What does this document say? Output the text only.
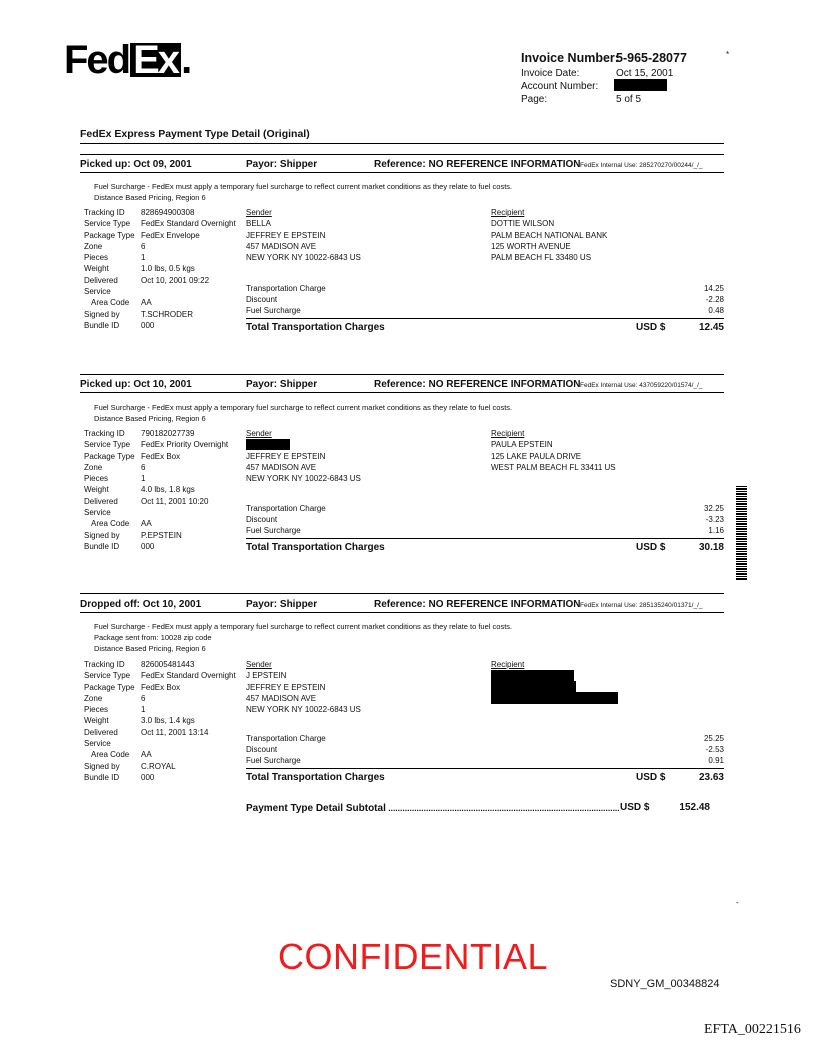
Fed Ex.	Invoice Number:
5-965-28077	*
Invoice Date:	Oct 15, 2001
Account Number:
Page:	5 of 5
FedEx Express Payment Type Detail (Original)
Picked up: Oct 09, 2001	Payor: Shipper	Reference: NO REFERENCE INFORMATION FedEx Internal Use: 285270270/00244/_/_
Fuel Surcharge - FedEx must apply a temporary fuel surcharge to reflect current market conditions as they relate to fuel costs.
Distance Based Pricing, Region 6
Tracking ID 828694900308
Service Type FedEx Standard Overnight
Package Type FedEx Envelope
Zone	6
Pieces	1
Weight	1.0 lbs, 0.5 kgs
Delivered	Oct 10, 2001 09:22
Service
Area Code AA
Signed by	T.SCHRODER
Bundle ID	000
Sender
BELLA
JEFFREY E EPSTEIN
457 MADISON AVE
NEW YORK NY 10022-6843 US
Recipient
DOTTIE WILSON
PALM BEACH NATIONAL BANK
125 WORTH AVENUE
PALM BEACH FL 33480 US
Transportation Charge	14.25
Discount	-2.28
Fuel Surcharge	0.48
Total Transportation Charges	USD $	12.45
Picked up: Oct 10, 2001	Payor: Shipper	Reference: NO REFERENCE INFORMATION FedEx Internal Use: 437059220/01574/_/_
Fuel Surcharge - FedEx must apply a temporary fuel surcharge to reflect current market conditions as they relate to fuel costs.
Distance Based Pricing, Region 6
Tracking ID 790182027739
Service Type FedEx Priority Overnight
Package Type FedEx Box
Zone	6
Pieces	1
Weight	4.0 lbs, 1.8 kgs
Delivered	Oct 11, 2001 10:20
Service
Area Code AA
Signed by	P.EPSTEIN
Bundle ID	000
Sender
JEFFREY E EPSTEIN
457 MADISON AVE
NEW YORK NY 10022-6843 US
Recipient
PAULA EPSTEIN
125 LAKE PAULA DRIVE
WEST PALM BEACH FL 33411 US
Transportation Charge	32.25
Discount	-3.23
Fuel Surcharge	1.16
Total Transportation Charges	USD $	30.18
Dropped off: Oct 10, 2001	Payor: Shipper	Reference: NO REFERENCE INFORMATION FedEx Internal Use: 285135240/01371/_/_
Fuel Surcharge - FedEx must apply a temporary fuel surcharge to reflect current market conditions as they relate to fuel costs.
Package sent from: 10028 zip code
Distance Based Pricing, Region 6
Tracking ID 826005481443
Service Type FedEx Standard Overnight
Package Type FedEx Box
Zone	6
Pieces	1
Weight	3.0 lbs, 1.4 kgs
Delivered	Oct 11, 2001 13:14
Service
Area Code AA
Signed by	C.ROYAL
Bundle ID	000
Sender
J EPSTEIN
JEFFREY E EPSTEIN
457 MADISON AVE
NEW YORK NY 10022-6843 US
Recipient
Transportation Charge	25.25
Discount	-2.53
Fuel Surcharge	0.91
Total Transportation Charges	USD $	23.63
Payment Type Detail Subtotal .................................................................................................. USD $	152.48
-
CONFIDENTIAL
SDNY_GM_00348824
EFTA_00221516
